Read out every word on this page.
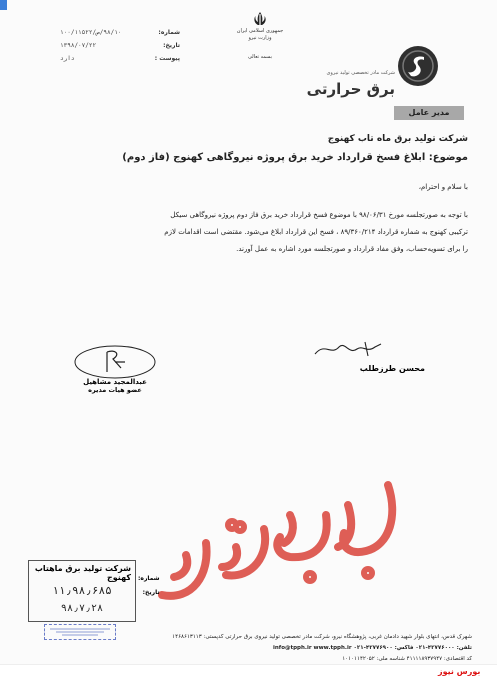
شماره:
۹۸/۱۰/ص/۱۰۰/۱۱۵۲۲
تاریخ:
۱۳۹۸/۰۷/۲۲
پیوست :
دارد
جمهوری اسلامی ایران
وزارت نیرو
بسمه تعالی
شرکت مادر تخصصی تولید نیروی
برق حرارتی
مدیر عامل
شرکت تولید برق ماه تاب کهنوج
موضوع: ابلاغ فسخ قرارداد خرید برق پروژه نیروگاهی کهنوج (فاز دوم)
با سلام و احترام،

با توجه به صورتجلسه مورخ ۹۸/۰۶/۳۱ با موضوع فسخ قرارداد خرید برق فاز دوم پروژه نیروگاهی سیکل

ترکیبی کهنوج به شماره قرارداد ۸۹/۳۶۰/۲۱۴ ، فسخ این قرارداد ابلاغ می‌شود. مقتضی است اقدامات لازم

را برای تسویه‌حساب، وفق مفاد قرارداد و صورتجلسه مورد اشاره به عمل آورند.

محسن طرزطلب
عبدالمجید مشاهیل
عضو هیات مدیره
شرکت تولید برق ماهتاب کهنوج
۱۱٫۹۸٫۶۸۵
۹۸٫۷٫۲۸
شماره:
تاریخ:
شهرک قدس، انتهای بلوار شهید دادمان غربی، پژوهشگاه نیرو، شرکت مادر تخصصی تولید نیروی برق حرارتی کدپستی: ۱۴۶۸۶۱۳۱۱۳
تلفن: ۴۲۷۷۶۰۰۰-۰۲۱ فاکس: ۴۲۷۷۶۹۰۰-۰۲۱ info@tpph.ir www.tpph.ir
کد اقتصادی: ۴۱۱۱۱۸۹۳۷۹۴۷ شناسه ملی: ۱۰۱۰۱۱۴۲۰۵۲
بورس نیوز
